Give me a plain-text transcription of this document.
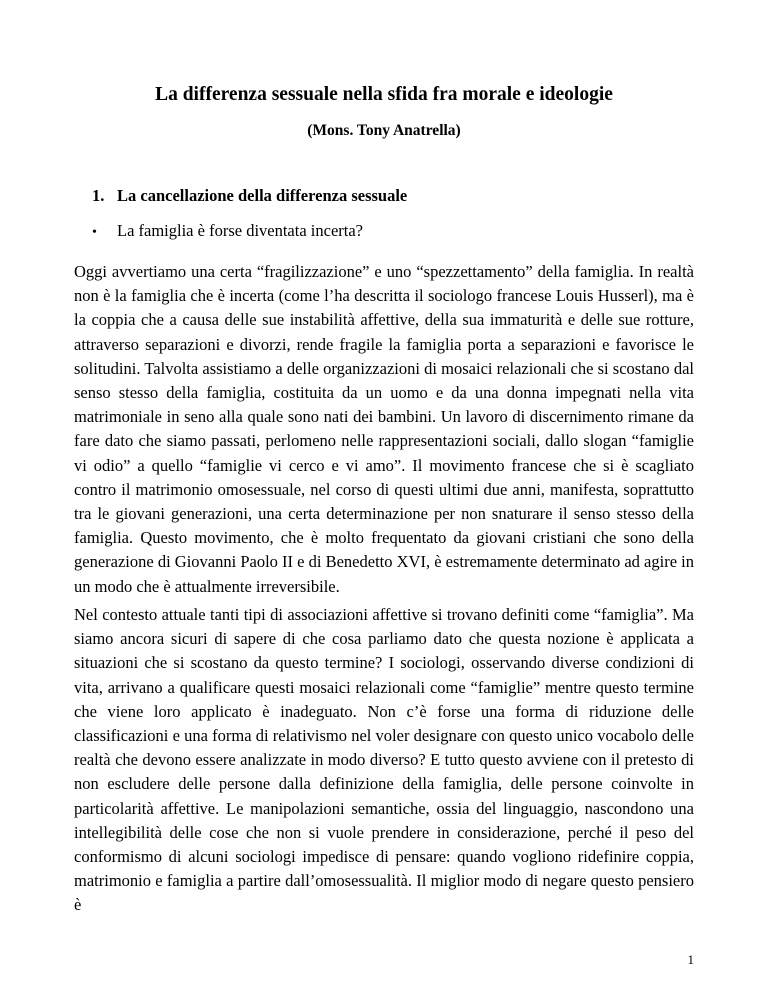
La differenza sessuale nella sfida fra morale e ideologie
(Mons. Tony Anatrella)
1. La cancellazione della differenza sessuale
• La famiglia è forse diventata incerta?

Oggi avvertiamo una certa “fragilizzazione” e uno “spezzettamento” della famiglia. In realtà non è la famiglia che è incerta (come l’ha descritta il sociologo francese Louis Husserl), ma è la coppia che a causa delle sue instabilità affettive, della sua immaturità e delle sue rotture, attraverso separazioni e divorzi, rende fragile la famiglia porta a separazioni e favorisce le solitudini. Talvolta assistiamo a delle organizzazioni di mosaici relazionali che si scostano dal senso stesso della famiglia, costituita da un uomo e da una donna impegnati nella vita matrimoniale in seno alla quale sono nati dei bambini. Un lavoro di discernimento rimane da fare dato che siamo passati, perlomeno nelle rappresentazioni sociali, dallo slogan “famiglie vi odio” a quello “famiglie vi cerco e vi amo”. Il movimento francese che si è scagliato contro il matrimonio omosessuale, nel corso di questi ultimi due anni, manifesta, soprattutto tra le giovani generazioni, una certa determinazione per non snaturare il senso stesso della famiglia. Questo movimento, che è molto frequentato da giovani cristiani che sono della generazione di Giovanni Paolo II e di Benedetto XVI, è estremamente determinato ad agire in un modo che è attualmente irreversibile.

Nel contesto attuale tanti tipi di associazioni affettive si trovano definiti come “famiglia”. Ma siamo ancora sicuri di sapere di che cosa parliamo dato che questa nozione è applicata a situazioni che si scostano da questo termine? I sociologi, osservando diverse condizioni di vita, arrivano a qualificare questi mosaici relazionali come “famiglie” mentre questo termine che viene loro applicato è inadeguato. Non c’è forse una forma di riduzione delle classificazioni e una forma di relativismo nel voler designare con questo unico vocabolo delle realtà che devono essere analizzate in modo diverso? E tutto questo avviene con il pretesto di non escludere delle persone dalla definizione della famiglia, delle persone coinvolte in particolarità affettive. Le manipolazioni semantiche, ossia del linguaggio, nascondono una intellegibilità delle cose che non si vuole prendere in considerazione, perché il peso del conformismo di alcuni sociologi impedisce di pensare: quando vogliono ridefinire coppia, matrimonio e famiglia a partire dall’omosessualità. Il miglior modo di negare questo pensiero è

1
